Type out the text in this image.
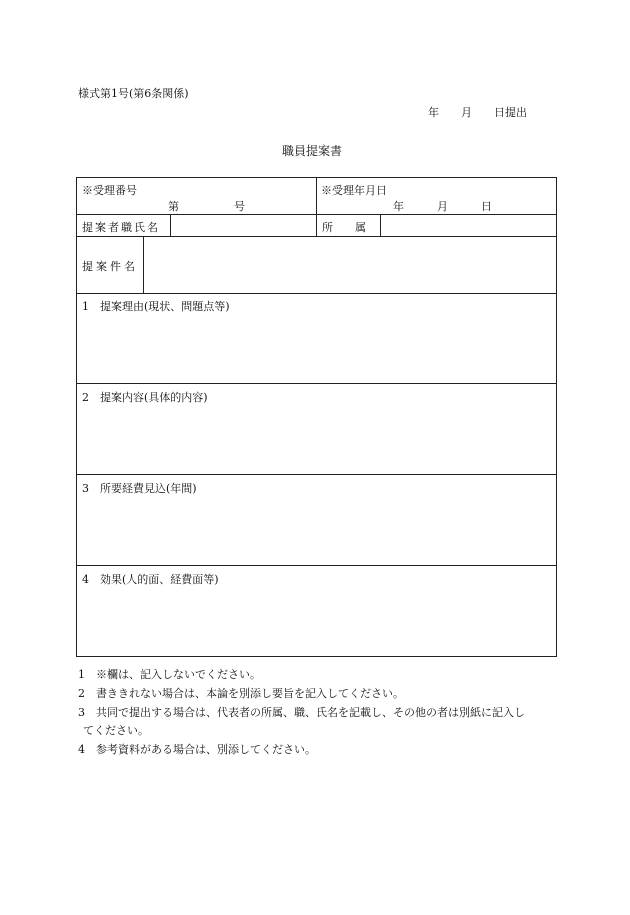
様式第1号(第6条関係)
年　　月　　日提出
職員提案書
※受理番号
第　　　　　号
※受理年月日
年　　　月　　　日
提案者職氏名	所　　属
提案件名
1　提案理由(現状、問題点等)
2　提案内容(具体的内容)
3　所要経費見込(年間)
4　効果(人的面、経費面等)
1　※欄は、記入しないでください。
2　書ききれない場合は、本論を別添し要旨を記入してください。
3　共同で提出する場合は、代表者の所属、職、氏名を記載し、その他の者は別紙に記入し
てください。
4　参考資料がある場合は、別添してください。
